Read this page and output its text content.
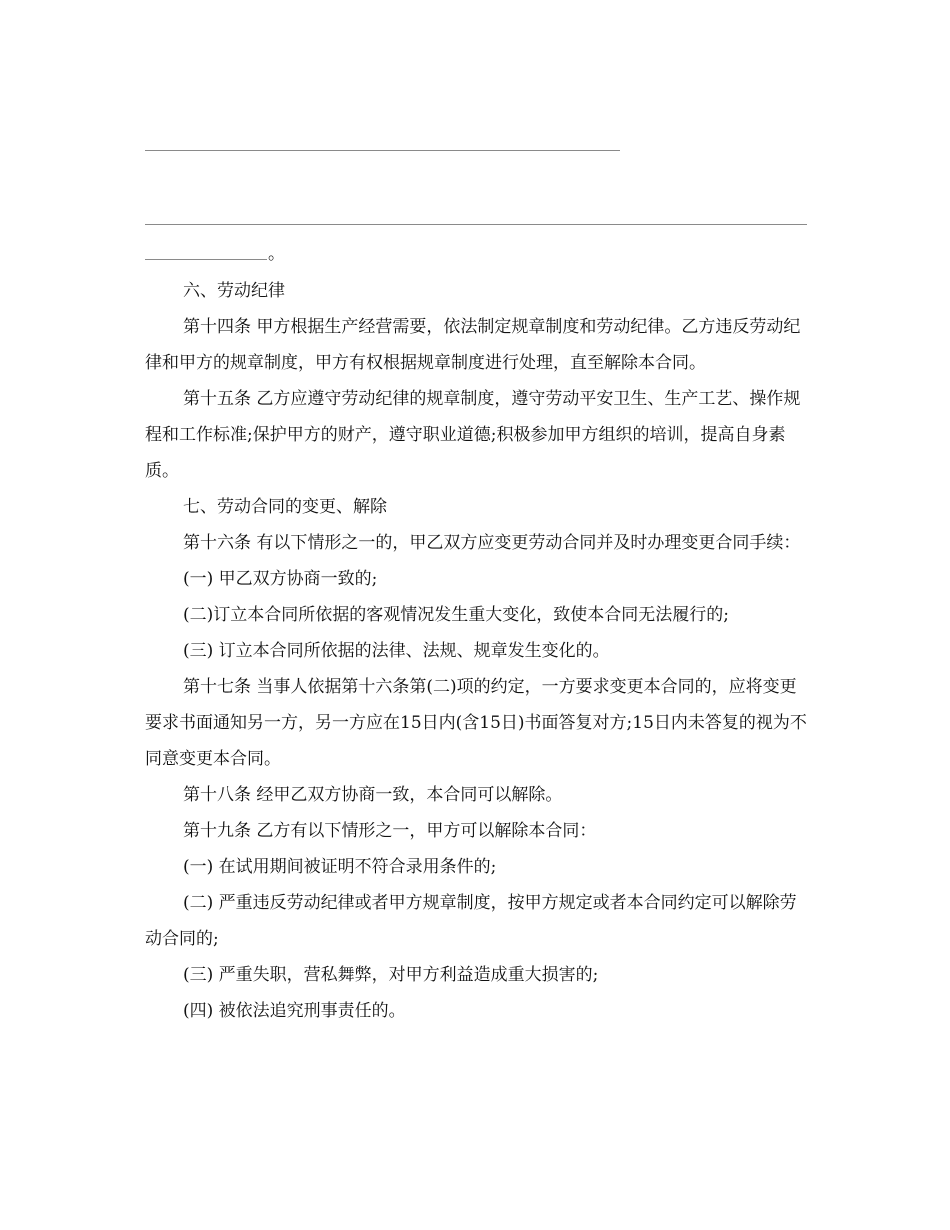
。

六、劳动纪律

第十四条 甲方根据生产经营需要，依法制定规章制度和劳动纪律。乙方违反劳动纪律和甲方的规章制度，甲方有权根据规章制度进行处理，直至解除本合同。

第十五条 乙方应遵守劳动纪律的规章制度，遵守劳动平安卫生、生产工艺、操作规程和工作标准;保护甲方的财产，遵守职业道德;积极参加甲方组织的培训，提高自身素质。

七、劳动合同的变更、解除

第十六条 有以下情形之一的，甲乙双方应变更劳动合同并及时办理变更合同手续：

(一) 甲乙双方协商一致的;

(二)订立本合同所依据的客观情况发生重大变化，致使本合同无法履行的;

(三) 订立本合同所依据的法律、法规、规章发生变化的。

第十七条 当事人依据第十六条第(二)项的约定，一方要求变更本合同的，应将变更要求书面通知另一方，另一方应在15日内(含15日)书面答复对方;15日内未答复的视为不同意变更本合同。

第十八条 经甲乙双方协商一致，本合同可以解除。

第十九条 乙方有以下情形之一，甲方可以解除本合同：

(一) 在试用期间被证明不符合录用条件的;

(二) 严重违反劳动纪律或者甲方规章制度，按甲方规定或者本合同约定可以解除劳动合同的;

(三) 严重失职，营私舞弊，对甲方利益造成重大损害的;

(四) 被依法追究刑事责任的。
